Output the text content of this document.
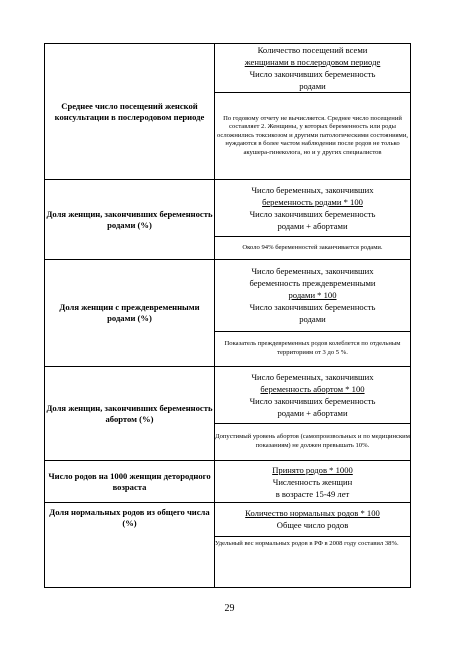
Среднее число посещений женской консультации в послеродовом периоде	Количество посещений всеми
женщинами в послеродовом периоде
Число закончивших беременность
родами

	По годовому отчету не вычисляется. Среднее число посещений составляет 2. Женщины, у которых беременность или роды осложнились токсикозом и другими патологическими состояниями, нуждаются в более частом наблюдении после родов не только акушера-гинеколога, но и у других специалистов
Доля женщин, закончивших беременность родами (%)	Число беременных, закончивших
беременность родами * 100
Число закончивших беременность
родами + абортами

	Около 94% беременностей заканчивается родами.
Доля женщин с преждевременными родами (%)	Число беременных, закончивших
беременность преждевременными
родами * 100
Число закончивших беременность
родами

	Показатель преждевременных родов колеблется по отдельным территориям от 3 до 5 %.
Доля женщин, закончивших беременность абортом (%)	Число беременных, закончивших
беременность абортом * 100
Число закончивших беременность
родами + абортами

	Допустимый уровень абортов (самопроизвольных и по медицинским показаниям) не должен превышать 10%.
Число родов на 1000 женщин детородного возраста	Принято родов * 1000
Численность женщин
в возрасте 15-49 лет

Доля нормальных родов из общего числа (%)	Количество нормальных родов * 100
Общее число родов

	Удельный вес нормальных родов в РФ в 2008 году составил 38%.
29
